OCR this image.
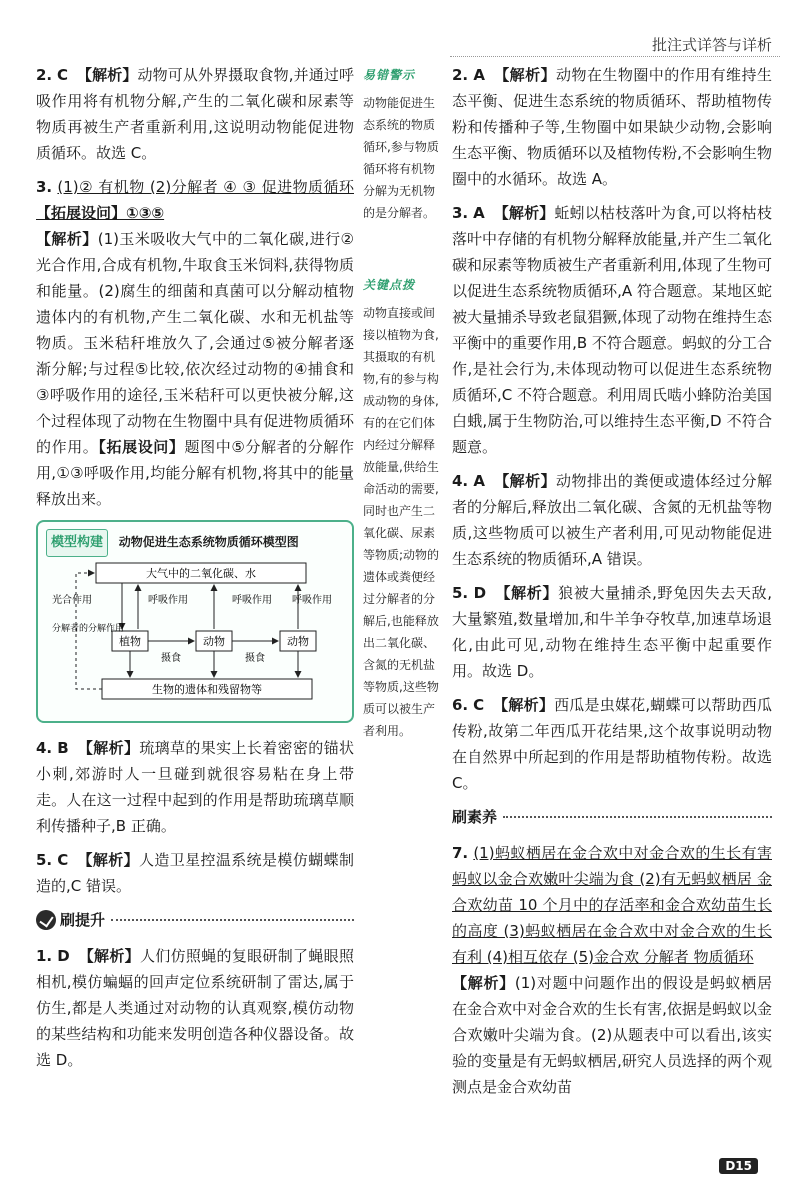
批注式详答与详析

2. C 【解析】动物可从外界摄取食物,并通过呼吸作用将有机物分解,产生的二氧化碳和尿素等物质再被生产者重新利用,这说明动物能促进物质循环。故选 C。

3. (1)② 有机物 (2)分解者 ④ ③ 促进物质循环 【拓展设问】①③⑤
【解析】(1)玉米吸收大气中的二氧化碳,进行②光合作用,合成有机物,牛取食玉米饲料,获得物质和能量。(2)腐生的细菌和真菌可以分解动植物遗体内的有机物,产生二氧化碳、水和无机盐等物质。玉米秸秆堆放久了,会通过⑤被分解者逐渐分解;与过程⑤比较,依次经过动物的④捕食和③呼吸作用的途径,玉米秸秆可以更快被分解,这个过程体现了动物在生物圈中具有促进物质循环的作用。【拓展设问】题图中⑤分解者的分解作用,①③呼吸作用,均能分解有机物,将其中的能量释放出来。
模型构建 动物促进生态系统物质循环模型图
大气中的二氧化碳、水
植物	动物	动物
摄食	摄食
光合作用	呼吸作用	呼吸作用 呼吸作用
生物的遗体和残留物等
分解者的分解作用

4. B 【解析】琉璃草的果实上长着密密的锚状小刺,郊游时人一旦碰到就很容易粘在身上带走。人在这一过程中起到的作用是帮助琉璃草顺利传播种子,B 正确。

5. C 【解析】人造卫星控温系统是模仿蝴蝶制造的,C 错误。

刷提升

1. D 【解析】人们仿照蝇的复眼研制了蝇眼照相机,模仿蝙蝠的回声定位系统研制了雷达,属于仿生,都是人类通过对动物的认真观察,模仿动物的某些结构和功能来发明创造各种仪器设备。故选 D。

易错警示
动物能促进生态系统的物质循环,参与物质循环将有机物分解为无机物的是分解者。
关键点拨
动物直接或间接以植物为食,其摄取的有机物,有的参与构成动物的身体,有的在它们体内经过分解释放能量,供给生命活动的需要,同时也产生二氧化碳、尿素等物质;动物的遗体或粪便经过分解者的分解后,也能释放出二氧化碳、含氮的无机盐等物质,这些物质可以被生产者利用。

2. A 【解析】动物在生物圈中的作用有维持生态平衡、促进生态系统的物质循环、帮助植物传粉和传播种子等,生物圈中如果缺少动物,会影响生态平衡、物质循环以及植物传粉,不会影响生物圈中的水循环。故选 A。

3. A 【解析】蚯蚓以枯枝落叶为食,可以将枯枝落叶中存储的有机物分解释放能量,并产生二氧化碳和尿素等物质被生产者重新利用,体现了生物可以促进生态系统物质循环,A 符合题意。某地区蛇被大量捕杀导致老鼠猖獗,体现了动物在维持生态平衡中的重要作用,B 不符合题意。蚂蚁的分工合作,是社会行为,未体现动物可以促进生态系统物质循环,C 不符合题意。利用周氏啮小蜂防治美国白蛾,属于生物防治,可以维持生态平衡,D 不符合题意。

4. A 【解析】动物排出的粪便或遗体经过分解者的分解后,释放出二氧化碳、含氮的无机盐等物质,这些物质可以被生产者利用,可见动物能促进生态系统的物质循环,A 错误。

5. D 【解析】狼被大量捕杀,野兔因失去天敌,大量繁殖,数量增加,和牛羊争夺牧草,加速草场退化,由此可见,动物在维持生态平衡中起重要作用。故选 D。

6. C 【解析】西瓜是虫媒花,蝴蝶可以帮助西瓜传粉,故第二年西瓜开花结果,这个故事说明动物在自然界中所起到的作用是帮助植物传粉。故选 C。

刷素养
7. (1)蚂蚁栖居在金合欢中对金合欢的生长有害 蚂蚁以金合欢嫩叶尖端为食 (2)有无蚂蚁栖居 金合欢幼苗 10 个月中的存活率和金合欢幼苗生长的高度 (3)蚂蚁栖居在金合欢中对金合欢的生长有利 (4)相互依存 (5)金合欢 分解者 物质循环
【解析】(1)对题中问题作出的假设是蚂蚁栖居在金合欢中对金合欢的生长有害,依据是蚂蚁以金合欢嫩叶尖端为食。(2)从题表中可以看出,该实验的变量是有无蚂蚁栖居,研究人员选择的两个观测点是金合欢幼苗
D15
